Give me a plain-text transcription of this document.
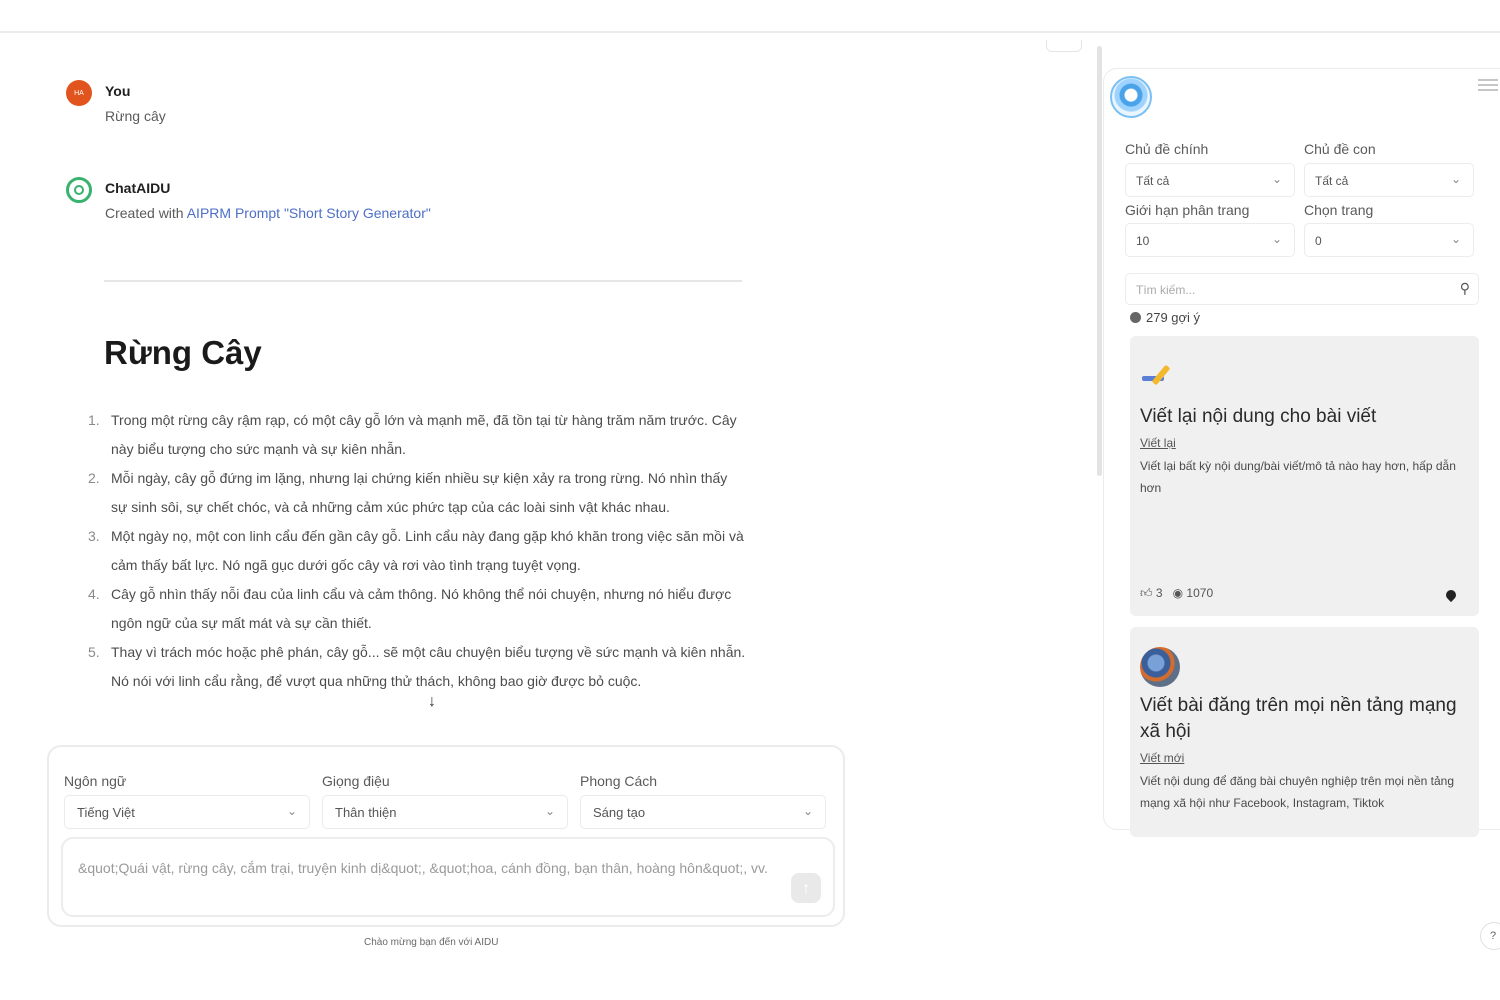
HA You
Rừng cây
ChatAIDU
Created with AIPRM Prompt "Short Story Generator"
Rừng Cây
1. Trong một rừng cây rậm rạp, có một cây gỗ lớn và mạnh mẽ, đã tồn tại từ hàng trăm năm trước. Cây này biểu tượng cho sức mạnh và sự kiên nhẫn.
2. Mỗi ngày, cây gỗ đứng im lặng, nhưng lại chứng kiến nhiều sự kiện xảy ra trong rừng. Nó nhìn thấy sự sinh sôi, sự chết chóc, và cả những cảm xúc phức tạp của các loài sinh vật khác nhau.
3. Một ngày nọ, một con linh cẩu đến gần cây gỗ. Linh cẩu này đang gặp khó khăn trong việc săn mồi và cảm thấy bất lực. Nó ngã gục dưới gốc cây và rơi vào tình trạng tuyệt vọng.
4. Cây gỗ nhìn thấy nỗi đau của linh cẩu và cảm thông. Nó không thể nói chuyện, nhưng nó hiểu được ngôn ngữ của sự mất mát và sự cần thiết.
5. Thay vì trách móc hoặc phê phán, cây gỗ... sẽ một câu chuyện biểu tượng về sức mạnh và kiên nhẫn. Nó nói với linh cẩu rằng, để vượt qua những thử thách, không bao giờ được bỏ cuộc.
↓
Ngôn ngữ
Tiếng Việt	⌄
Giọng điệu
Thân thiện	⌄
Phong Cách
Sáng tạo	⌄
&quot;Quái vật, rừng cây, cắm trại, truyện kinh dị&quot;, &quot;hoa, cánh đồng, bạn thân, hoàng hôn&quot;, vv.
↑
Chào mừng bạn đến với AIDU
Chủ đề chính
Tất cả	⌄
Chủ đề con
Tất cả	⌄
Giới hạn phân trang
10	⌄
Chọn trang
0	⌄
Tìm kiếm...	⚲
279 gợi ý
Viết lại nội dung cho bài viết
Viết lại
Viết lại bất kỳ nội dung/bài viết/mô tả nào hay hơn, hấp dẫn hơn
👍︎ 3 ◉ 1070
Viết bài đăng trên mọi nền tảng mạng xã hội
Viết mới
Viết nội dung để đăng bài chuyên nghiệp trên mọi nền tảng mạng xã hội như Facebook, Instagram, Tiktok
?
